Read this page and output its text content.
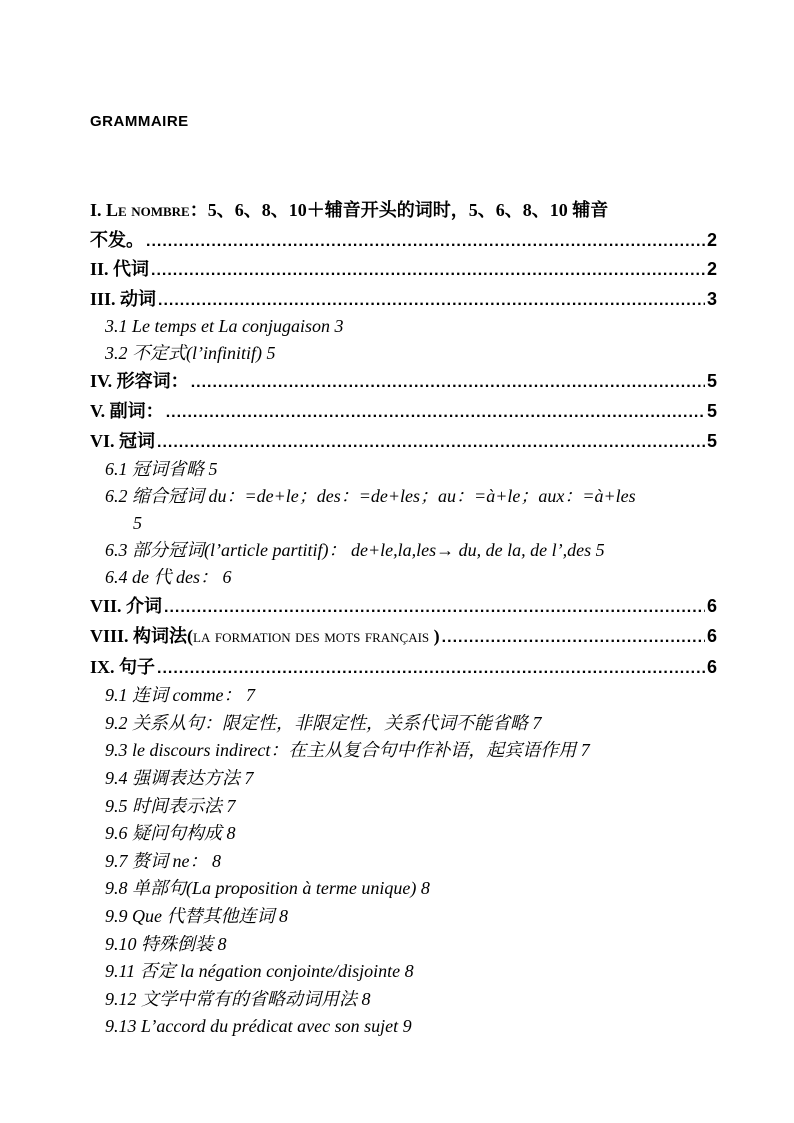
GRAMMAIRE
I. Le nombre：5、6、8、10＋辅音开头的词时，5、6、8、10 辅音
不发。 .....	2
II. 代词 .....	2
III. 动词 .....	3
3.1 Le temps et La conjugaison 3
3.2 不定式(l’infinitif) 5
IV. 形容词： .....	5
V. 副词： .....	5
VI. 冠词 .....	5
6.1 冠词省略 5
6.2 缩合冠词 du：=de+le；des：=de+les；au：=à+le；aux：=à+les
5
6.3 部分冠词(l’article partitif)： de+le,la,les→ du, de la, de l’,des 5
6.4 de 代 des： 6
VII. 介词 .....	6
VIII. 构词法(la formation des mots français ) .....	6
IX. 句子 .....	6
9.1 连词 comme： 7
9.2 关系从句：限定性，非限定性，关系代词不能省略 7
9.3 le discours indirect：在主从复合句中作补语，起宾语作用 7
9.4 强调表达方法 7
9.5 时间表示法 7
9.6 疑问句构成 8
9.7 赘词 ne： 8
9.8 单部句(La proposition à terme unique) 8
9.9 Que 代替其他连词 8
9.10 特殊倒装 8
9.11 否定 la négation conjointe/disjointe 8
9.12 文学中常有的省略动词用法 8
9.13 L’accord du prédicat avec son sujet 9
